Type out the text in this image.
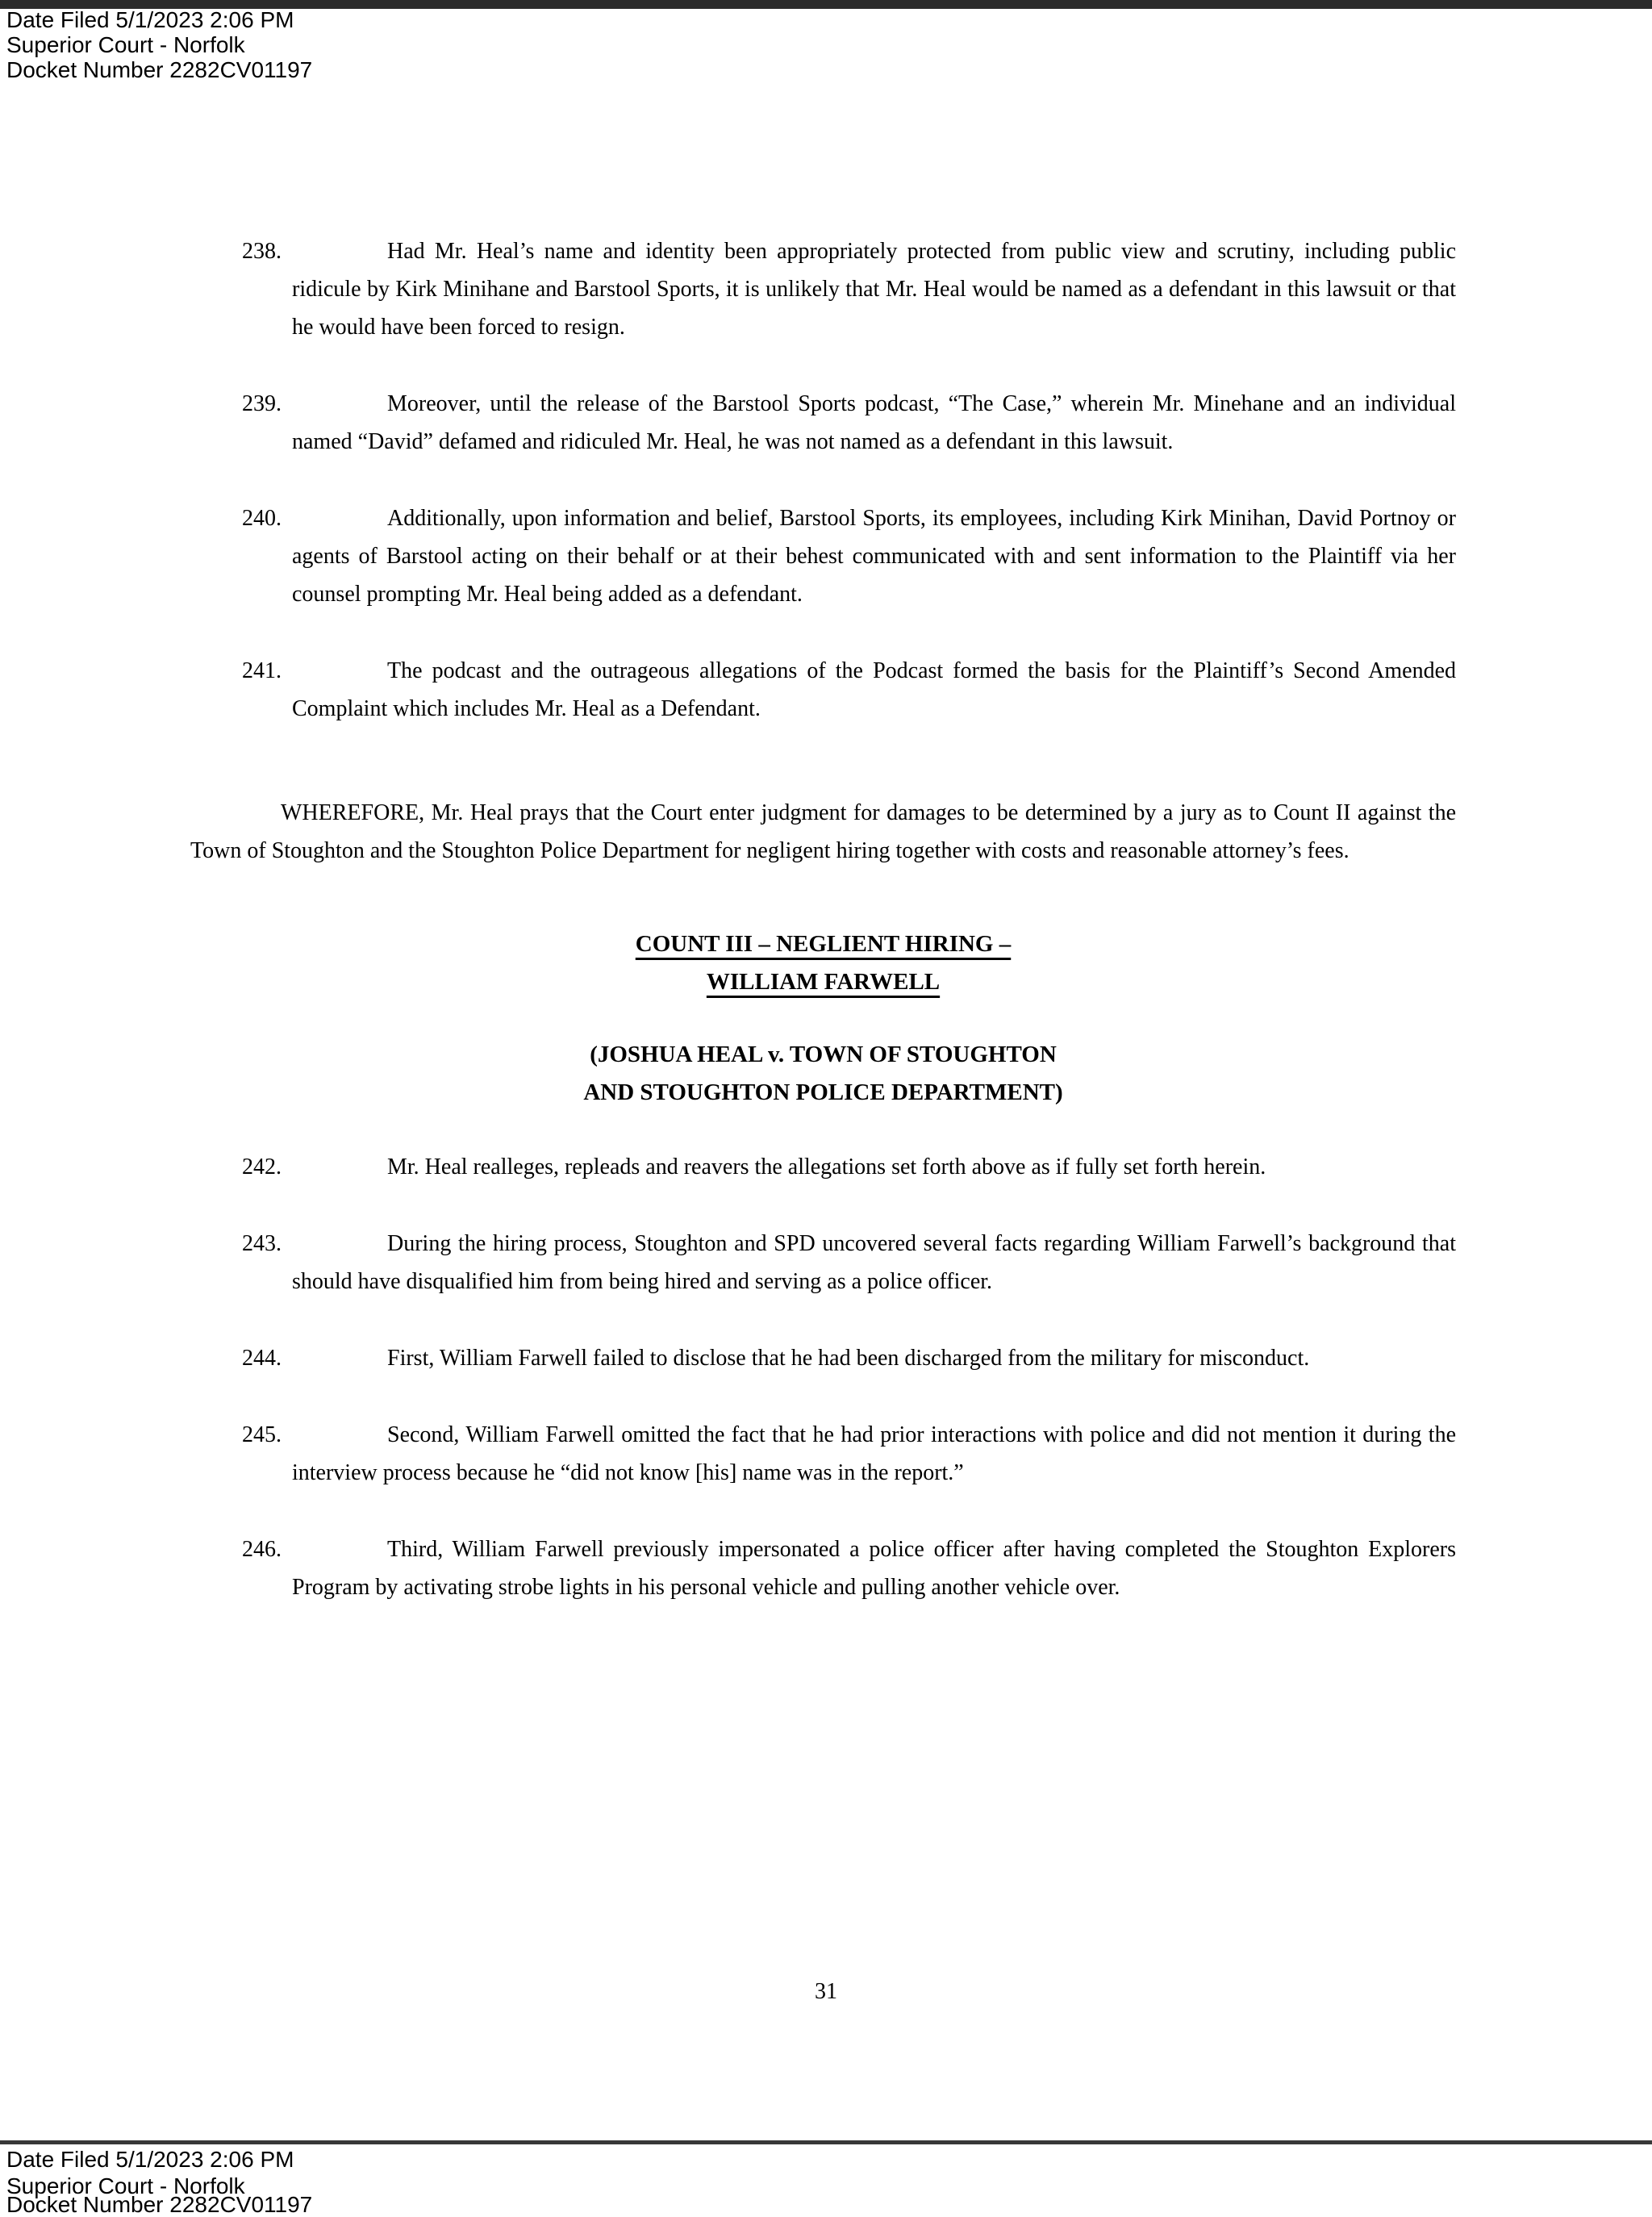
Date Filed 5/1/2023 2:06 PM
Superior Court - Norfolk
Docket Number 2282CV01197

238.	Had Mr. Heal’s name and identity been appropriately protected from public view and scrutiny, including public ridicule by Kirk Minihane and Barstool Sports, it is unlikely that Mr. Heal would be named as a defendant in this lawsuit or that he would have been forced to resign.

239.	Moreover, until the release of the Barstool Sports podcast, “The Case,” wherein Mr. Minehane and an individual named “David” defamed and ridiculed Mr. Heal, he was not named as a defendant in this lawsuit.

240.	Additionally, upon information and belief, Barstool Sports, its employees, including Kirk Minihan, David Portnoy or agents of Barstool acting on their behalf or at their behest communicated with and sent information to the Plaintiff via her counsel prompting Mr. Heal being added as a defendant.

241.	The podcast and the outrageous allegations of the Podcast formed the basis for the Plaintiff’s Second Amended Complaint which includes Mr. Heal as a Defendant.

WHEREFORE, Mr. Heal prays that the Court enter judgment for damages to be determined by a jury as to Count II against the Town of Stoughton and the Stoughton Police Department for negligent hiring together with costs and reasonable attorney’s fees.

COUNT III – NEGLIENT HIRING –
WILLIAM FARWELL
(JOSHUA HEAL v. TOWN OF STOUGHTON
AND STOUGHTON POLICE DEPARTMENT)

242.	Mr. Heal realleges, repleads and reavers the allegations set forth above as if fully set forth herein.

243.	During the hiring process, Stoughton and SPD uncovered several facts regarding William Farwell’s background that should have disqualified him from being hired and serving as a police officer.

244.	First, William Farwell failed to disclose that he had been discharged from the military for misconduct.

245.	Second, William Farwell omitted the fact that he had prior interactions with police and did not mention it during the interview process because he “did not know [his] name was in the report.”

246.	Third, William Farwell previously impersonated a police officer after having completed the Stoughton Explorers Program by activating strobe lights in his personal vehicle and pulling another vehicle over.

31
Date Filed 5/1/2023 2:06 PM
Superior Court - Norfolk
Docket Number 2282CV01197
